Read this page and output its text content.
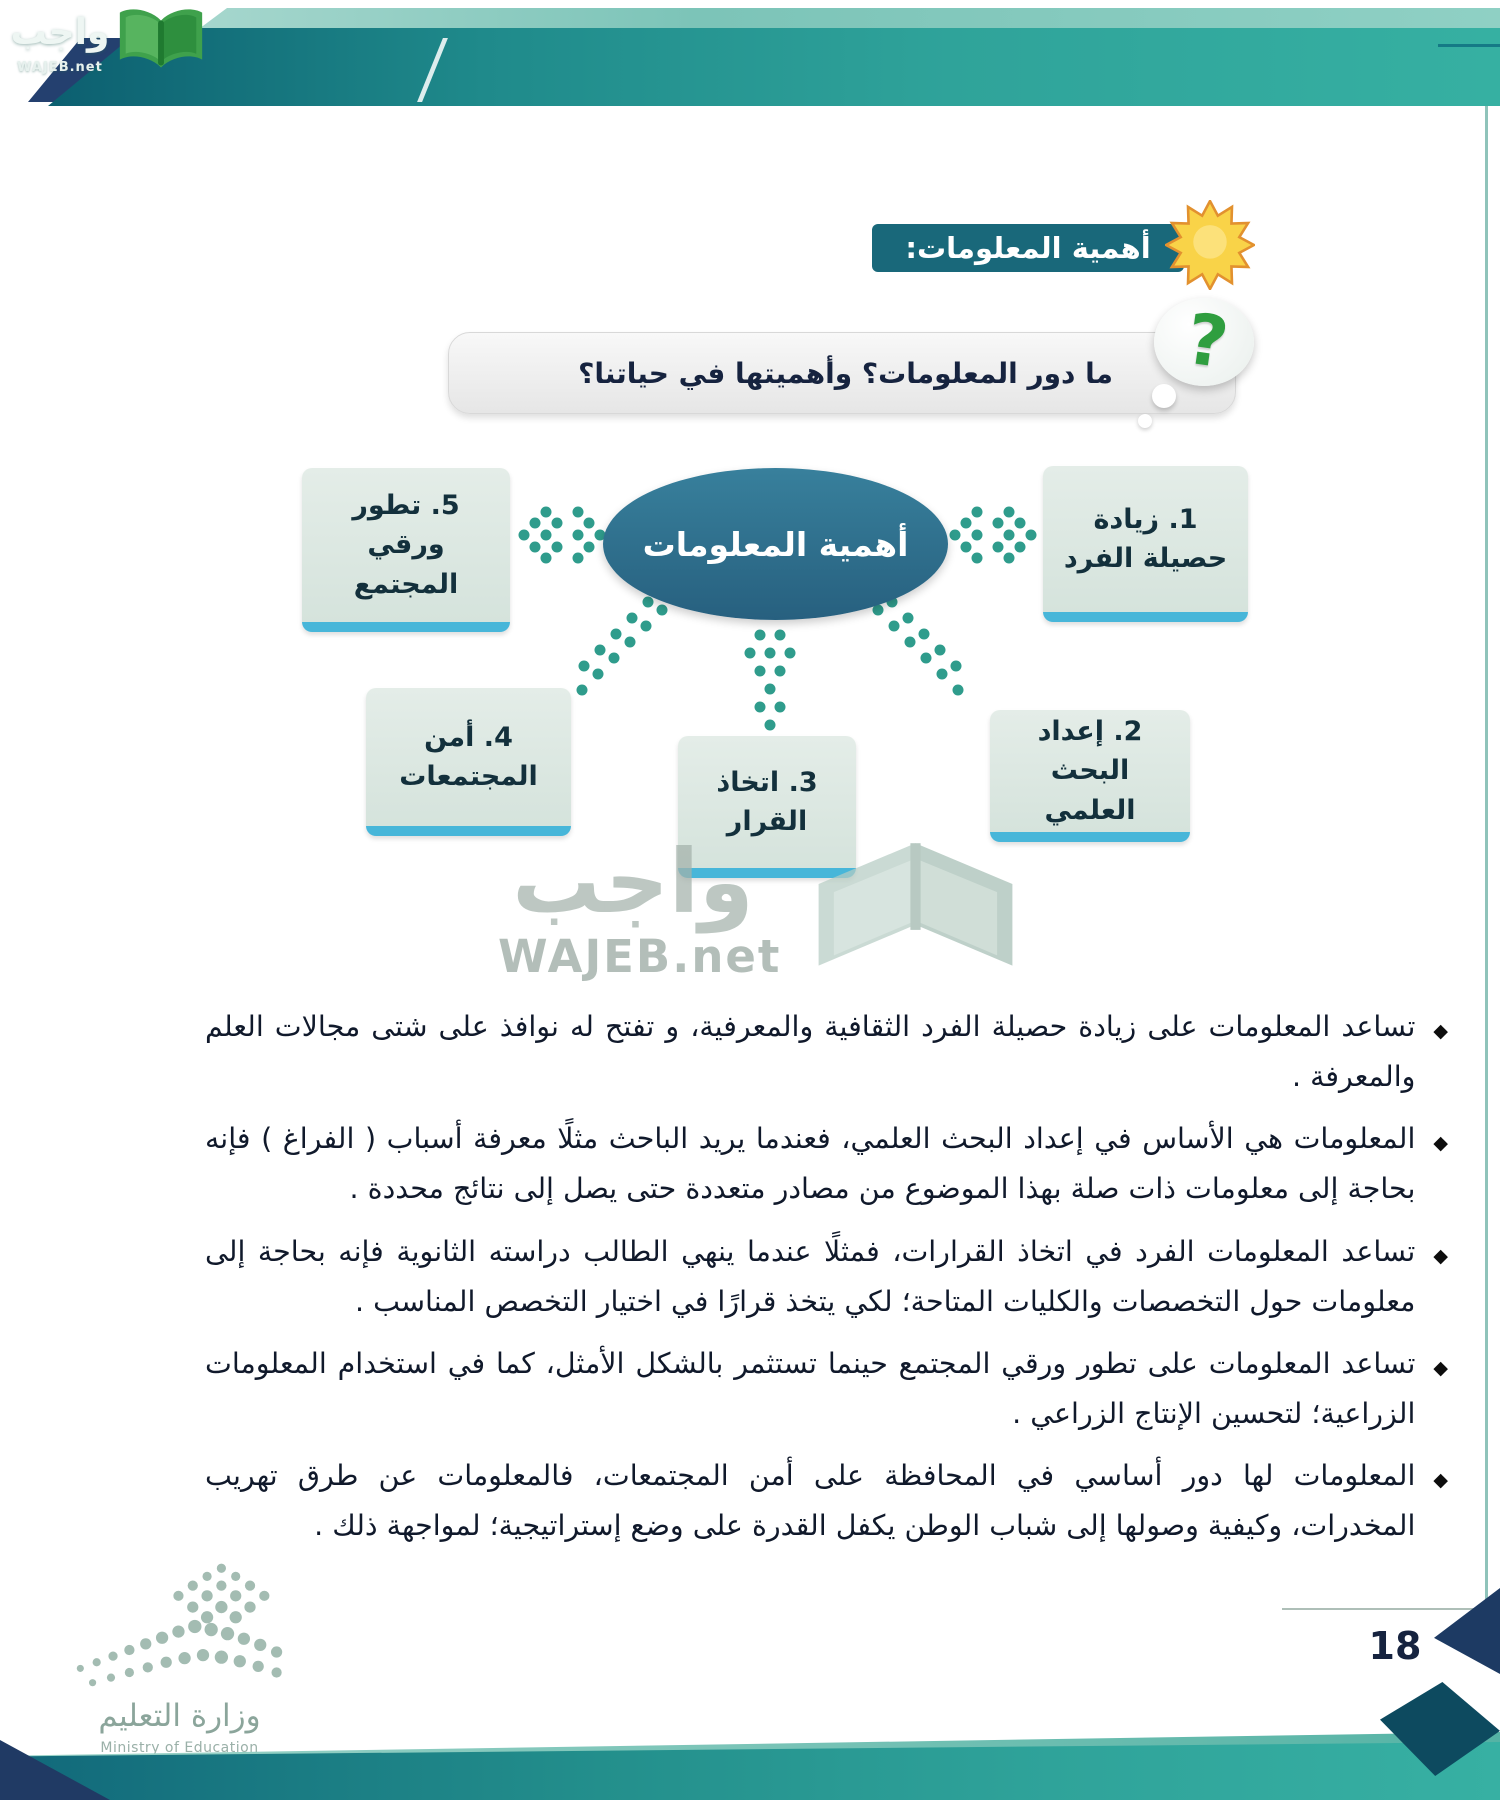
واجب
WAJEB.net
أهمية المعلومات:
ما دور المعلومات؟ وأهميتها في حياتنا؟ ?
أهمية المعلومات
1. زيادة حصيلة الفرد
2. إعداد البحث العلمي
3. اتخاذ القرار
4. أمن المجتمعات
5. تطور ورقي المجتمع
واجب
WAJEB.net
◆
تساعد المعلومات على زيادة حصيلة الفرد الثقافية والمعرفية، و تفتح له نوافذ على شتى مجالات العلم والمعرفة .
◆
المعلومات هي الأساس في إعداد البحث العلمي، فعندما يريد الباحث مثلًا معرفة أسباب ( الفراغ ) فإنه بحاجة إلى معلومات ذات صلة بهذا الموضوع من مصادر متعددة حتى يصل إلى نتائج محددة .
◆
تساعد المعلومات الفرد في اتخاذ القرارات، فمثلًا عندما ينهي الطالب دراسته الثانوية فإنه بحاجة إلى معلومات حول التخصصات والكليات المتاحة؛ لكي يتخذ قرارًا في اختيار التخصص المناسب .
◆
تساعد المعلومات على تطور ورقي المجتمع حينما تستثمر بالشكل الأمثل، كما في استخدام المعلومات الزراعية؛ لتحسين الإنتاج الزراعي .
◆
المعلومات لها دور أساسي في المحافظة على أمن المجتمعات، فالمعلومات عن طرق تهريب المخدرات، وكيفية وصولها إلى شباب الوطن يكفل القدرة على وضع إستراتيجية؛ لمواجهة ذلك .
وزارة التعليم
Ministry of Education
18
